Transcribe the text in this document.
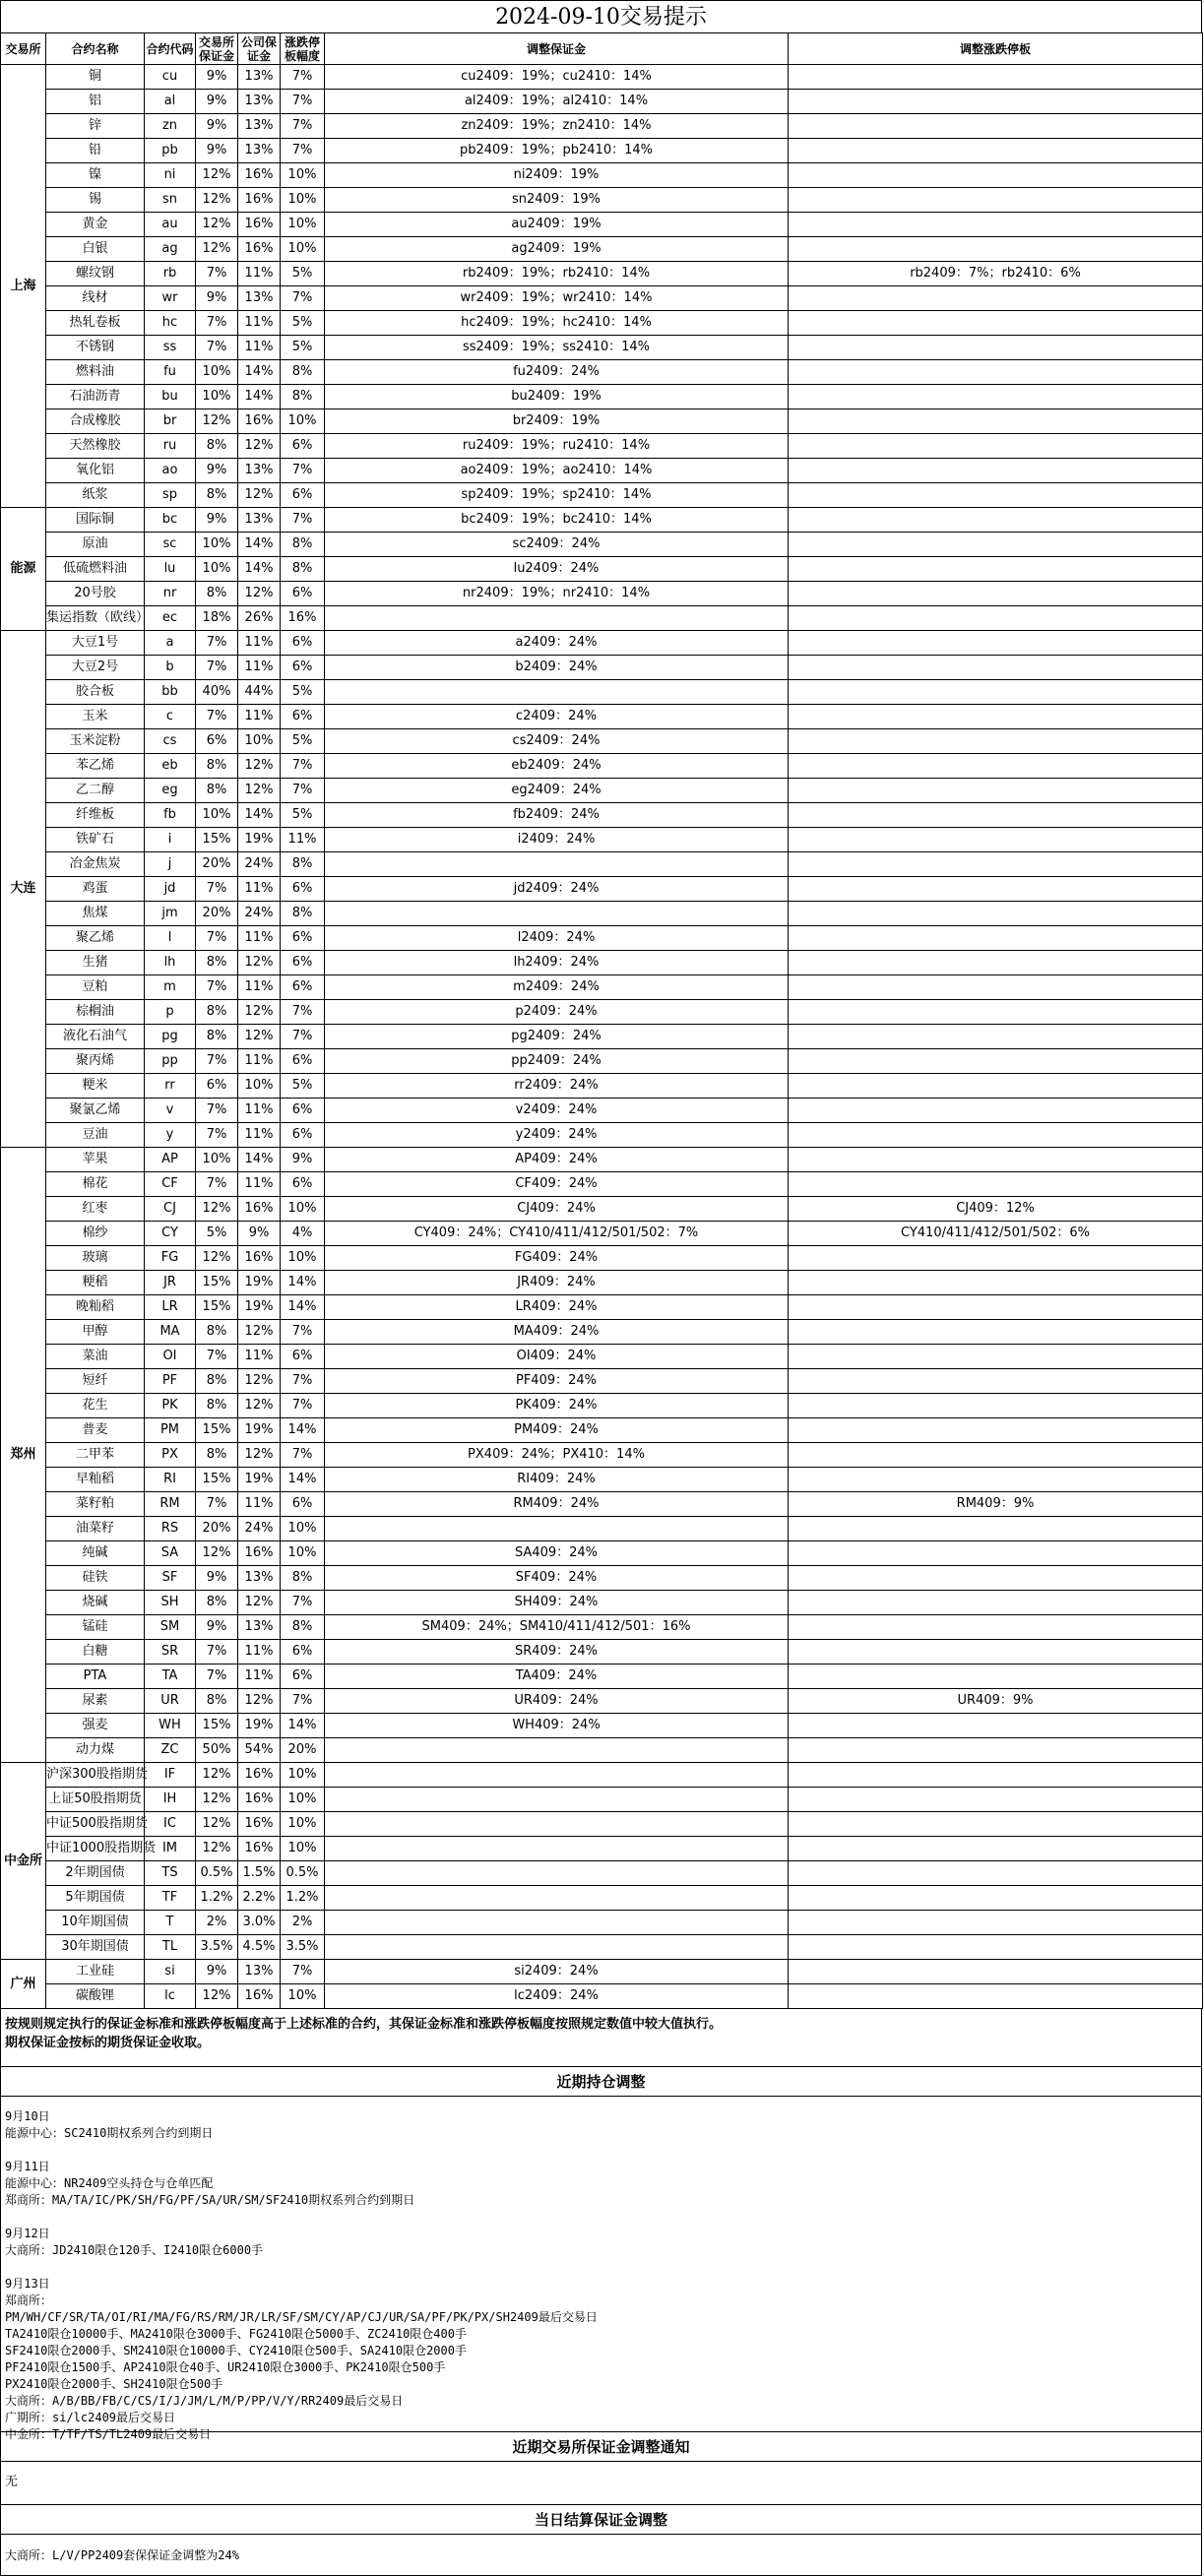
2024-09-10交易提示
交易所	合约名称	合约代码	交易所保证金	公司保证金	涨跌停板幅度	调整保证金	调整涨跌停板
上海	铜	cu	9%	13%	7%	cu2409：19%；cu2410：14%	
	铝	al	9%	13%	7%	al2409：19%；al2410：14%	
	锌	zn	9%	13%	7%	zn2409：19%；zn2410：14%	
	铅	pb	9%	13%	7%	pb2409：19%；pb2410：14%	
	镍	ni	12%	16%	10%	ni2409：19%	
	锡	sn	12%	16%	10%	sn2409：19%	
	黄金	au	12%	16%	10%	au2409：19%	
	白银	ag	12%	16%	10%	ag2409：19%	
	螺纹钢	rb	7%	11%	5%	rb2409：19%；rb2410：14%	rb2409：7%；rb2410：6%
	线材	wr	9%	13%	7%	wr2409：19%；wr2410：14%	
	热轧卷板	hc	7%	11%	5%	hc2409：19%；hc2410：14%	
	不锈钢	ss	7%	11%	5%	ss2409：19%；ss2410：14%	
	燃料油	fu	10%	14%	8%	fu2409：24%	
	石油沥青	bu	10%	14%	8%	bu2409：19%	
	合成橡胶	br	12%	16%	10%	br2409：19%	
	天然橡胶	ru	8%	12%	6%	ru2409：19%；ru2410：14%	
	氧化铝	ao	9%	13%	7%	ao2409：19%；ao2410：14%	
	纸浆	sp	8%	12%	6%	sp2409：19%；sp2410：14%	
能源	国际铜	bc	9%	13%	7%	bc2409：19%；bc2410：14%	
	原油	sc	10%	14%	8%	sc2409：24%	
	低硫燃料油	lu	10%	14%	8%	lu2409：24%	
	20号胶	nr	8%	12%	6%	nr2409：19%；nr2410：14%	
	集运指数（欧线）	ec	18%	26%	16%		
大连	大豆1号	a	7%	11%	6%	a2409：24%	
	大豆2号	b	7%	11%	6%	b2409：24%	
	胶合板	bb	40%	44%	5%		
	玉米	c	7%	11%	6%	c2409：24%	
	玉米淀粉	cs	6%	10%	5%	cs2409：24%	
	苯乙烯	eb	8%	12%	7%	eb2409：24%	
	乙二醇	eg	8%	12%	7%	eg2409：24%	
	纤维板	fb	10%	14%	5%	fb2409：24%	
	铁矿石	i	15%	19%	11%	i2409：24%	
	冶金焦炭	j	20%	24%	8%		
	鸡蛋	jd	7%	11%	6%	jd2409：24%	
	焦煤	jm	20%	24%	8%		
	聚乙烯	l	7%	11%	6%	l2409：24%	
	生猪	lh	8%	12%	6%	lh2409：24%	
	豆粕	m	7%	11%	6%	m2409：24%	
	棕榈油	p	8%	12%	7%	p2409：24%	
	液化石油气	pg	8%	12%	7%	pg2409：24%	
	聚丙烯	pp	7%	11%	6%	pp2409：24%	
	粳米	rr	6%	10%	5%	rr2409：24%	
	聚氯乙烯	v	7%	11%	6%	v2409：24%	
	豆油	y	7%	11%	6%	y2409：24%	
郑州	苹果	AP	10%	14%	9%	AP409：24%	
	棉花	CF	7%	11%	6%	CF409：24%	
	红枣	CJ	12%	16%	10%	CJ409：24%	CJ409：12%
	棉纱	CY	5%	9%	4%	CY409：24%；CY410/411/412/501/502：7%	CY410/411/412/501/502：6%
	玻璃	FG	12%	16%	10%	FG409：24%	
	粳稻	JR	15%	19%	14%	JR409：24%	
	晚籼稻	LR	15%	19%	14%	LR409：24%	
	甲醇	MA	8%	12%	7%	MA409：24%	
	菜油	OI	7%	11%	6%	OI409：24%	
	短纤	PF	8%	12%	7%	PF409：24%	
	花生	PK	8%	12%	7%	PK409：24%	
	普麦	PM	15%	19%	14%	PM409：24%	
	二甲苯	PX	8%	12%	7%	PX409：24%；PX410：14%	
	早籼稻	RI	15%	19%	14%	RI409：24%	
	菜籽粕	RM	7%	11%	6%	RM409：24%	RM409：9%
	油菜籽	RS	20%	24%	10%		
	纯碱	SA	12%	16%	10%	SA409：24%	
	硅铁	SF	9%	13%	8%	SF409：24%	
	烧碱	SH	8%	12%	7%	SH409：24%	
	锰硅	SM	9%	13%	8%	SM409：24%；SM410/411/412/501：16%	
	白糖	SR	7%	11%	6%	SR409：24%	
	PTA	TA	7%	11%	6%	TA409：24%	
	尿素	UR	8%	12%	7%	UR409：24%	UR409：9%
	强麦	WH	15%	19%	14%	WH409：24%	
	动力煤	ZC	50%	54%	20%		
中金所	沪深300股指期货	IF	12%	16%	10%		
	上证50股指期货	IH	12%	16%	10%		
	中证500股指期货	IC	12%	16%	10%		
	中证1000股指期货	IM	12%	16%	10%		
	2年期国债	TS	0.5%	1.5%	0.5%		
	5年期国债	TF	1.2%	2.2%	1.2%		
	10年期国债	T	2%	3.0%	2%		
	30年期国债	TL	3.5%	4.5%	3.5%		
广州	工业硅	si	9%	13%	7%	si2409：24%	
	碳酸锂	lc	12%	16%	10%	lc2409：24%	
按规则规定执行的保证金标准和涨跌停板幅度高于上述标准的合约，其保证金标准和涨跌停板幅度按照规定数值中较大值执行。
期权保证金按标的期货保证金收取。
近期持仓调整
9月10日
能源中心：SC2410期权系列合约到期日

9月11日
能源中心：NR2409空头持仓与仓单匹配
郑商所：MA/TA/IC/PK/SH/FG/PF/SA/UR/SM/SF2410期权系列合约到期日

9月12日
大商所：JD2410限仓120手、I2410限仓6000手

9月13日
郑商所：
PM/WH/CF/SR/TA/OI/RI/MA/FG/RS/RM/JR/LR/SF/SM/CY/AP/CJ/UR/SA/PF/PK/PX/SH2409最后交易日
TA2410限仓10000手、MA2410限仓3000手、FG2410限仓5000手、ZC2410限仓400手
SF2410限仓2000手、SM2410限仓10000手、CY2410限仓500手、SA2410限仓2000手
PF2410限仓1500手、AP2410限仓40手、UR2410限仓3000手、PK2410限仓500手
PX2410限仓2000手、SH2410限仓500手
大商所：A/B/BB/FB/C/CS/I/J/JM/L/M/P/PP/V/Y/RR2409最后交易日
广期所：si/lc2409最后交易日
中金所：T/TF/TS/TL2409最后交易日
近期交易所保证金调整通知
无
当日结算保证金调整
大商所：L/V/PP2409套保保证金调整为24%
